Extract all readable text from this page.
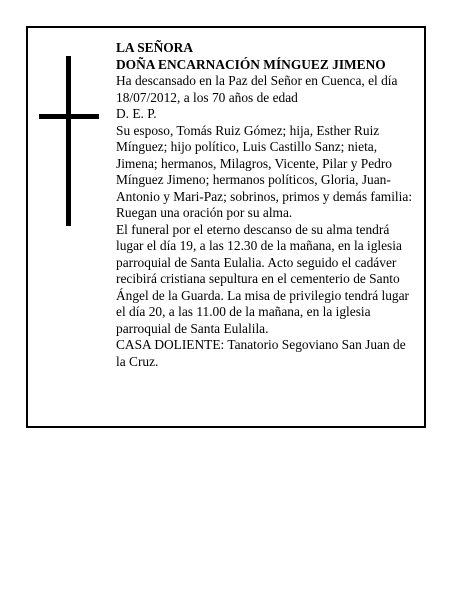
LA SEÑORA

DOÑA ENCARNACIÓN MÍNGUEZ JIMENO

Ha descansado en la Paz del Señor en Cuenca, el día 18/07/2012, a los 70 años de edad

D. E. P.

Su esposo, Tomás Ruiz Gómez; hija, Esther Ruiz Mínguez; hijo político, Luis Castillo Sanz; nieta, Jimena; hermanos, Milagros, Vicente, Pilar y Pedro Mínguez Jimeno; hermanos políticos, Gloria, Juan-Antonio y Mari-Paz; sobrinos, primos y demás familia:

Ruegan una oración por su alma.

El funeral por el eterno descanso de su alma tendrá lugar el día 19, a las 12.30 de la mañana, en la iglesia parroquial de Santa Eulalia. Acto seguido el cadáver recibirá cristiana sepultura en el cementerio de Santo Ángel de la Guarda. La misa de privilegio tendrá lugar el día 20, a las 11.00 de la mañana, en la iglesia parroquial de Santa Eulalila.

CASA DOLIENTE: Tanatorio Segoviano San Juan de la Cruz.
